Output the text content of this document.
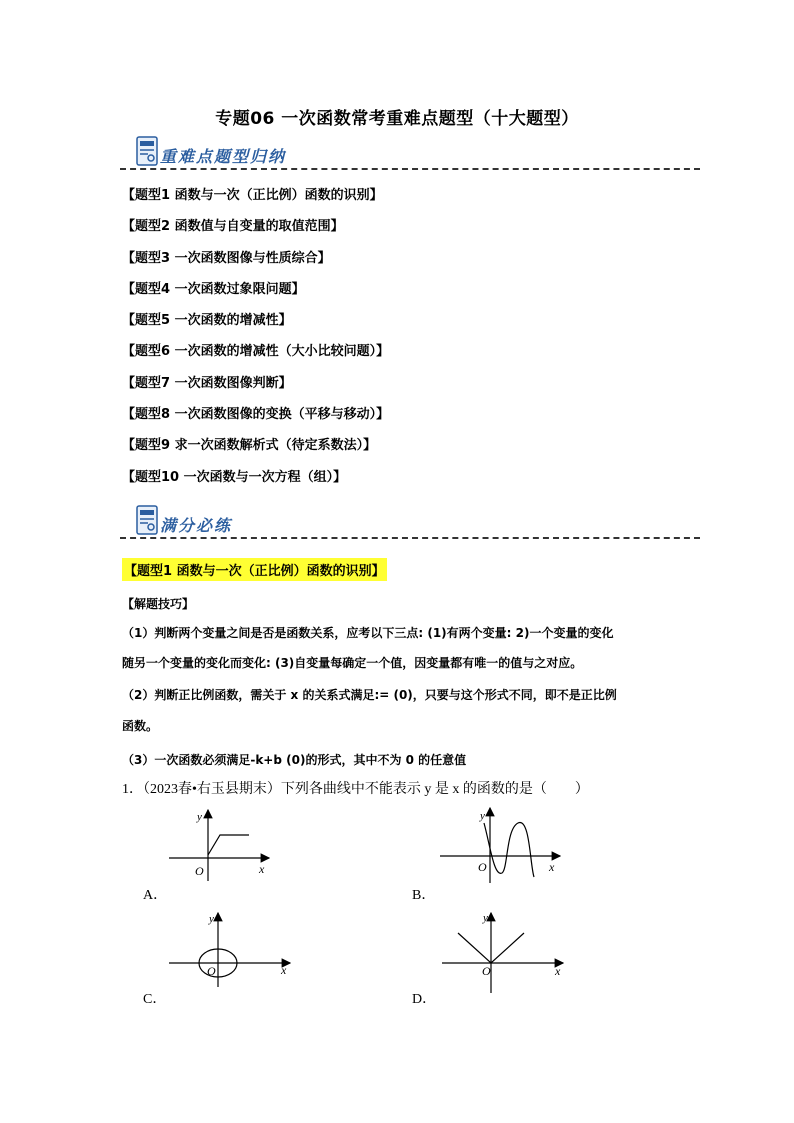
专题06 一次函数常考重难点题型（十大题型）
重难点题型归纳
【题型1 函数与一次（正比例）函数的识别】
【题型2 函数值与自变量的取值范围】
【题型3 一次函数图像与性质综合】
【题型4 一次函数过象限问题】
【题型5 一次函数的增减性】
【题型6 一次函数的增减性（大小比较问题）】
【题型7 一次函数图像判断】
【题型8 一次函数图像的变换（平移与移动）】
【题型9 求一次函数解析式（待定系数法）】
【题型10 一次函数与一次方程（组）】
满分必练
【题型1 函数与一次（正比例）函数的识别】
【解题技巧】
（1）判断两个变量之间是否是函数关系，应考以下三点: (1)有两个变量: 2)一个变量的变化
随另一个变量的变化而变化: (3)自变量每确定一个值，因变量都有唯一的值与之对应。
（2）判断正比例函数，需关于 x 的关系式满足:= (0)，只要与这个形式不同，即不是正比例
函数。
（3）一次函数必须满足-k+b (0)的形式，其中不为 0 的任意值
1．（2023春•右玉县期末）下列各曲线中不能表示 y 是 x 的函数的是（　　）
y
x
O
A．
y
x
O
B．
y
x
O
C．
y
x
O
D．
